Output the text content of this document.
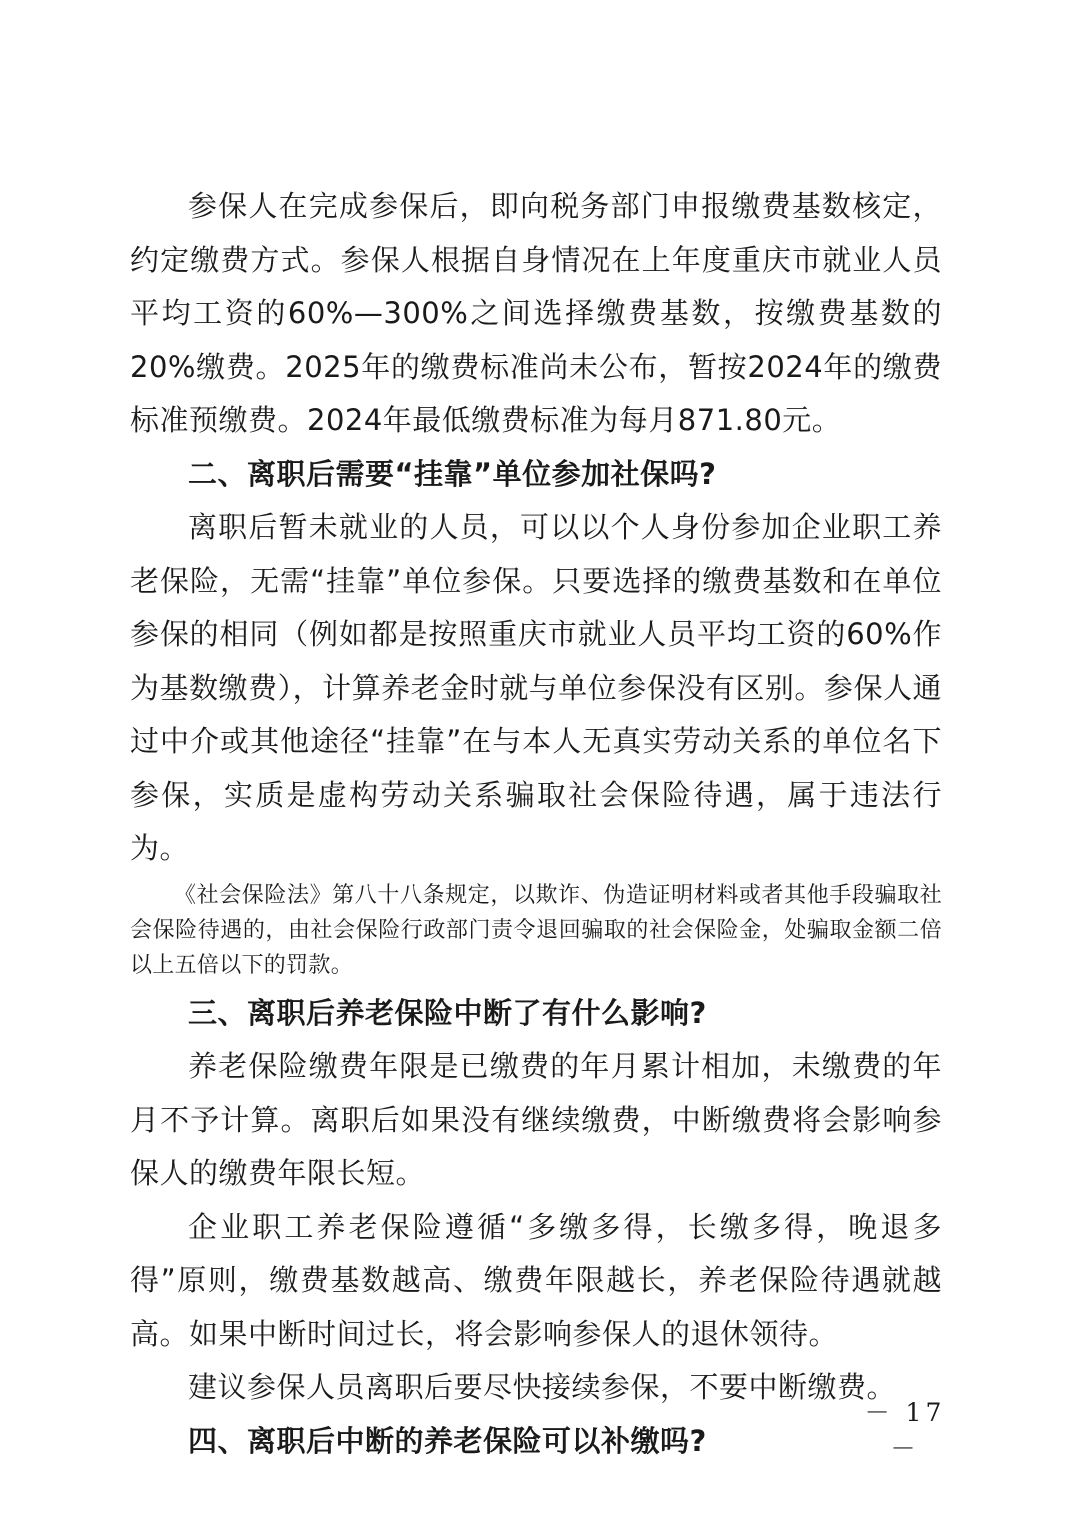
参保人在完成参保后，即向税务部门申报缴费基数核定，约定缴费方式。参保人根据自身情况在上年度重庆市就业人员平均工资的60%—300%之间选择缴费基数，按缴费基数的20%缴费。2025年的缴费标准尚未公布，暂按2024年的缴费标准预缴费。2024年最低缴费标准为每月871.80元。

二、离职后需要“挂靠”单位参加社保吗?

离职后暂未就业的人员，可以以个人身份参加企业职工养老保险，无需“挂靠”单位参保。只要选择的缴费基数和在单位参保的相同（例如都是按照重庆市就业人员平均工资的60%作为基数缴费），计算养老金时就与单位参保没有区别。参保人通过中介或其他途径“挂靠”在与本人无真实劳动关系的单位名下参保，实质是虚构劳动关系骗取社会保险待遇，属于违法行为。

《社会保险法》第八十八条规定，以欺诈、伪造证明材料或者其他手段骗取社会保险待遇的，由社会保险行政部门责令退回骗取的社会保险金，处骗取金额二倍以上五倍以下的罚款。

三、离职后养老保险中断了有什么影响?

养老保险缴费年限是已缴费的年月累计相加，未缴费的年月不予计算。离职后如果没有继续缴费，中断缴费将会影响参保人的缴费年限长短。

企业职工养老保险遵循“多缴多得，长缴多得，晚退多得”原则，缴费基数越高、缴费年限越长，养老保险待遇就越高。如果中断时间过长，将会影响参保人的退休领待。

建议参保人员离职后要尽快接续参保，不要中断缴费。

四、离职后中断的养老保险可以补缴吗?

－ 17 －
